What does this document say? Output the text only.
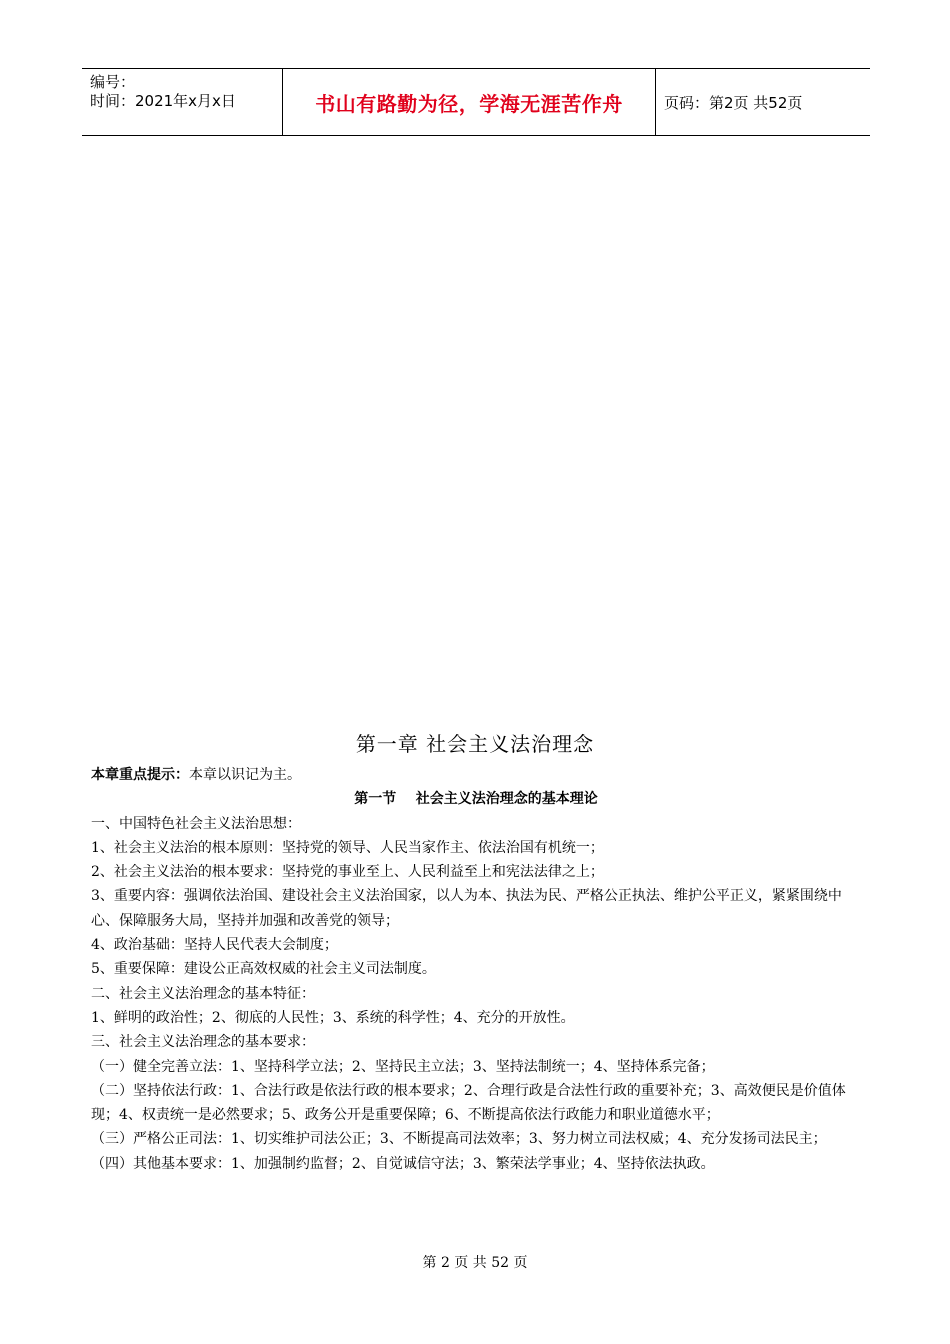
编号：
时间：2021年x月x日	书山有路勤为径，学海无涯苦作舟	页码：第2页 共52页
第一章 社会主义法治理念
本章重点提示：本章以识记为主。
第一节    社会主义法治理念的基本理论
一、中国特色社会主义法治思想：
1、社会主义法治的根本原则：坚持党的领导、人民当家作主、依法治国有机统一；
2、社会主义法治的根本要求：坚持党的事业至上、人民利益至上和宪法法律之上；
3、重要内容：强调依法治国、建设社会主义法治国家，以人为本、执法为民、严格公正执法、维护公平正义，紧紧围绕中心、保障服务大局，坚持并加强和改善党的领导；
4、政治基础：坚持人民代表大会制度；
5、重要保障：建设公正高效权威的社会主义司法制度。
二、社会主义法治理念的基本特征：
1、鲜明的政治性；2、彻底的人民性；3、系统的科学性；4、充分的开放性。
三、社会主义法治理念的基本要求：
（一）健全完善立法：1、坚持科学立法；2、坚持民主立法；3、坚持法制统一；4、坚持体系完备；
（二）坚持依法行政：1、合法行政是依法行政的根本要求；2、合理行政是合法性行政的重要补充；3、高效便民是价值体现；4、权责统一是必然要求；5、政务公开是重要保障；6、不断提高依法行政能力和职业道德水平；
（三）严格公正司法：1、切实维护司法公正；3、不断提高司法效率；3、努力树立司法权威；4、充分发扬司法民主；
（四）其他基本要求：1、加强制约监督；2、自觉诚信守法；3、繁荣法学事业；4、坚持依法执政。
第 2 页 共 52 页
